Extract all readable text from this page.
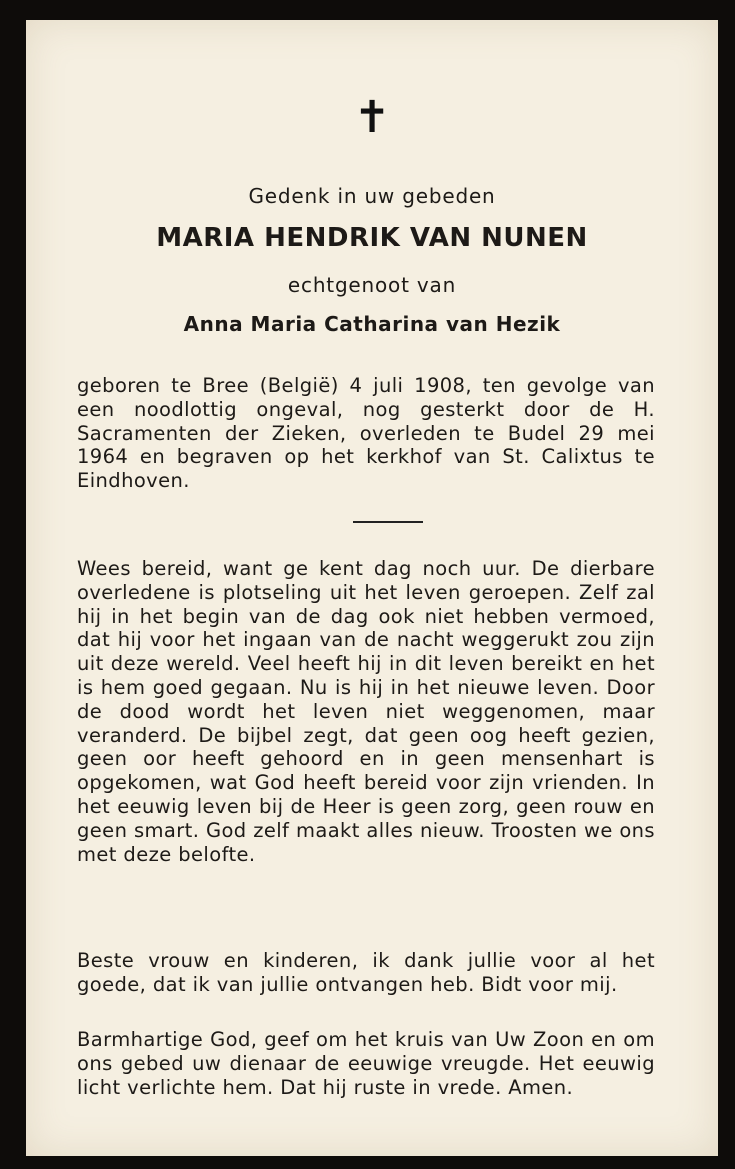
✝
Gedenk in uw gebeden
MARIA HENDRIK VAN NUNEN
echtgenoot van
Anna Maria Catharina van Hezik
geboren te Bree (België) 4 juli 1908, ten gevolge van een noodlottig ongeval, nog gesterkt door de H. Sacramenten der Zieken, overleden te Budel 29 mei 1964 en begraven op het kerkhof van St. Calixtus te Eindhoven.
Wees bereid, want ge kent dag noch uur. De dierbare overledene is plotseling uit het leven geroepen. Zelf zal hij in het begin van de dag ook niet hebben vermoed, dat hij voor het ingaan van de nacht weggerukt zou zijn uit deze wereld. Veel heeft hij in dit leven bereikt en het is hem goed gegaan. Nu is hij in het nieuwe leven. Door de dood wordt het leven niet weggenomen, maar veranderd. De bijbel zegt, dat geen oog heeft gezien, geen oor heeft gehoord en in geen mensenhart is opgekomen, wat God heeft bereid voor zijn vrienden. In het eeuwig leven bij de Heer is geen zorg, geen rouw en geen smart. God zelf maakt alles nieuw. Troosten we ons met deze belofte.
Beste vrouw en kinderen, ik dank jullie voor al het goede, dat ik van jullie ontvangen heb. Bidt voor mij.
Barmhartige God, geef om het kruis van Uw Zoon en om ons gebed uw dienaar de eeuwige vreugde. Het eeuwig licht verlichte hem. Dat hij ruste in vrede. Amen.
